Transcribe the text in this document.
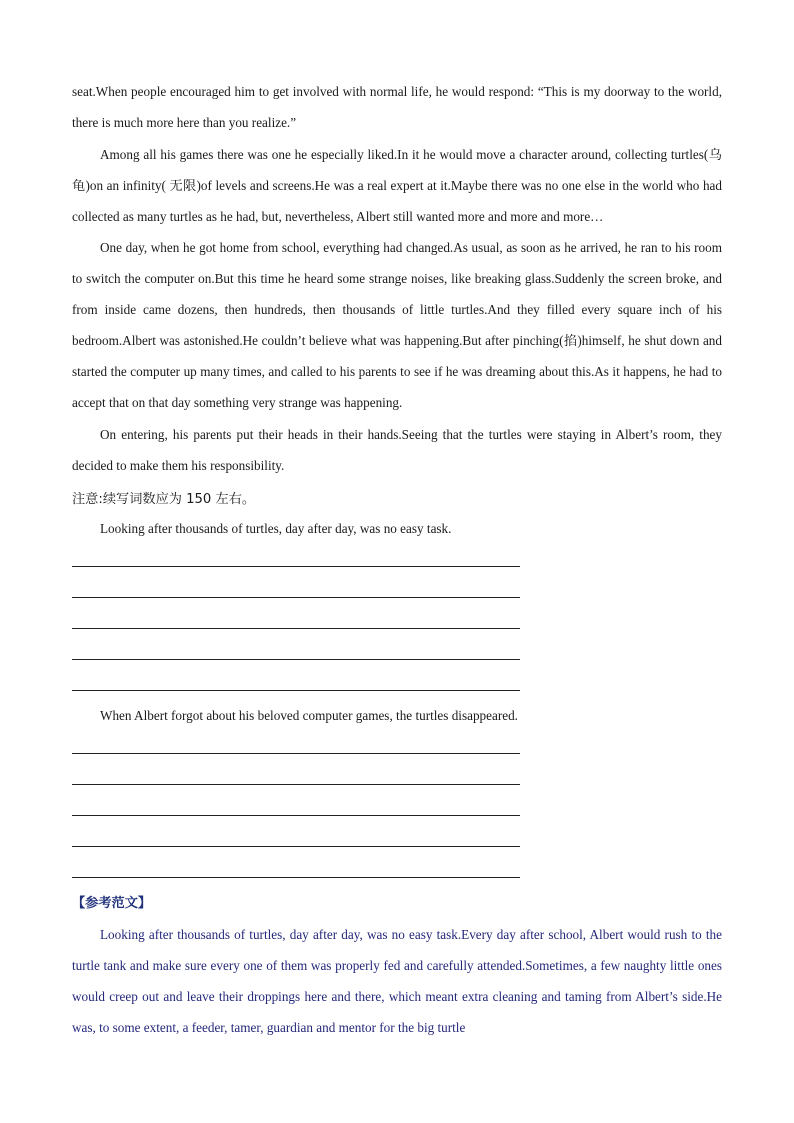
seat.When people encouraged him to get involved with normal life, he would respond: “This is my doorway to the world, there is much more here than you realize.”

Among all his games there was one he especially liked.In it he would move a character around, collecting turtles(乌龟)on an infinity( 无限)of levels and screens.He was a real expert at it.Maybe there was no one else in the world who had collected as many turtles as he had, but, nevertheless, Albert still wanted more and more and more…

One day, when he got home from school, everything had changed.As usual, as soon as he arrived, he ran to his room to switch the computer on.But this time he heard some strange noises, like breaking glass.Suddenly the screen broke, and from inside came dozens, then hundreds, then thousands of little turtles.And they filled every square inch of his bedroom.Albert was astonished.He couldn’t believe what was happening.But after pinching(掐)himself, he shut down and started the computer up many times, and called to his parents to see if he was dreaming about this.As it happens, he had to accept that on that day something very strange was happening.

On entering, his parents put their heads in their hands.Seeing that the turtles were staying in Albert’s room, they decided to make them his responsibility.

注意:续写词数应为 150 左右。
Looking after thousands of turtles, day after day, was no easy task.
When Albert forgot about his beloved computer games, the turtles disappeared.
【参考范文】

Looking after thousands of turtles, day after day, was no easy task.Every day after school, Albert would rush to the turtle tank and make sure every one of them was properly fed and carefully attended.Sometimes, a few naughty little ones would creep out and leave their droppings here and there, which meant extra cleaning and taming from Albert’s side.He was, to some extent, a feeder, tamer, guardian and mentor for the big turtle
